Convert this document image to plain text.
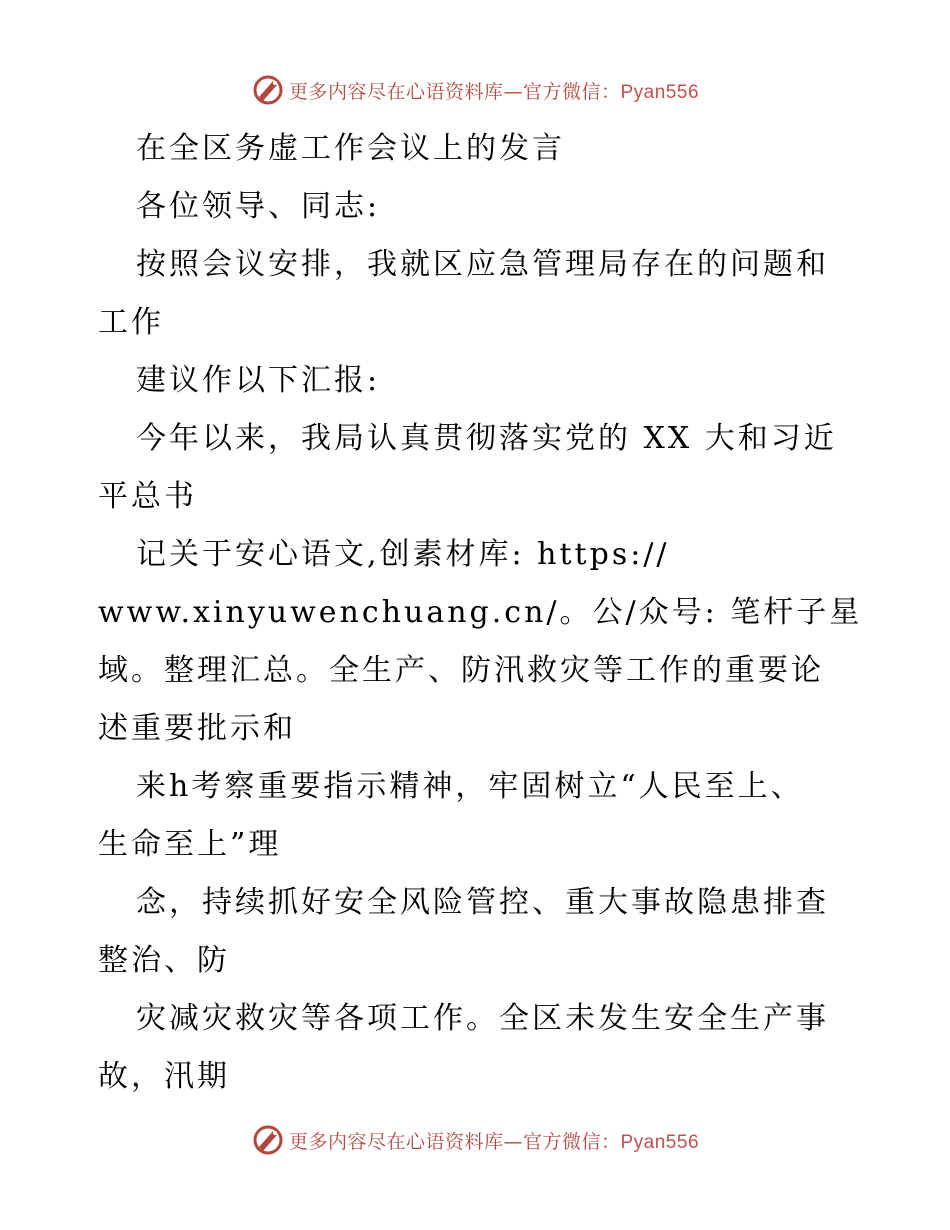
更多内容尽在心语资料库—官方微信：Pyan556
在全区务虚工作会议上的发言
各位领导、同志:
按照会议安排，我就区应急管理局存在的问题和
工作
建议作以下汇报:
今年以来，我局认真贯彻落实党的 XX 大和习近
平总书
记关于安心语文,创素材库: https://
www.xinyuwenchuang.cn/。公/众号: 笔杆子星
域。整理汇总。全生产、防汛救灾等工作的重要论
述重要批示和
来h考察重要指示精神，牢固树立“人民至上、
生命至上”理
念，持续抓好安全风险管控、重大事故隐患排查
整治、防
灾减灾救灾等各项工作。全区未发生安全生产事
故，汛期
更多内容尽在心语资料库—官方微信：Pyan556
